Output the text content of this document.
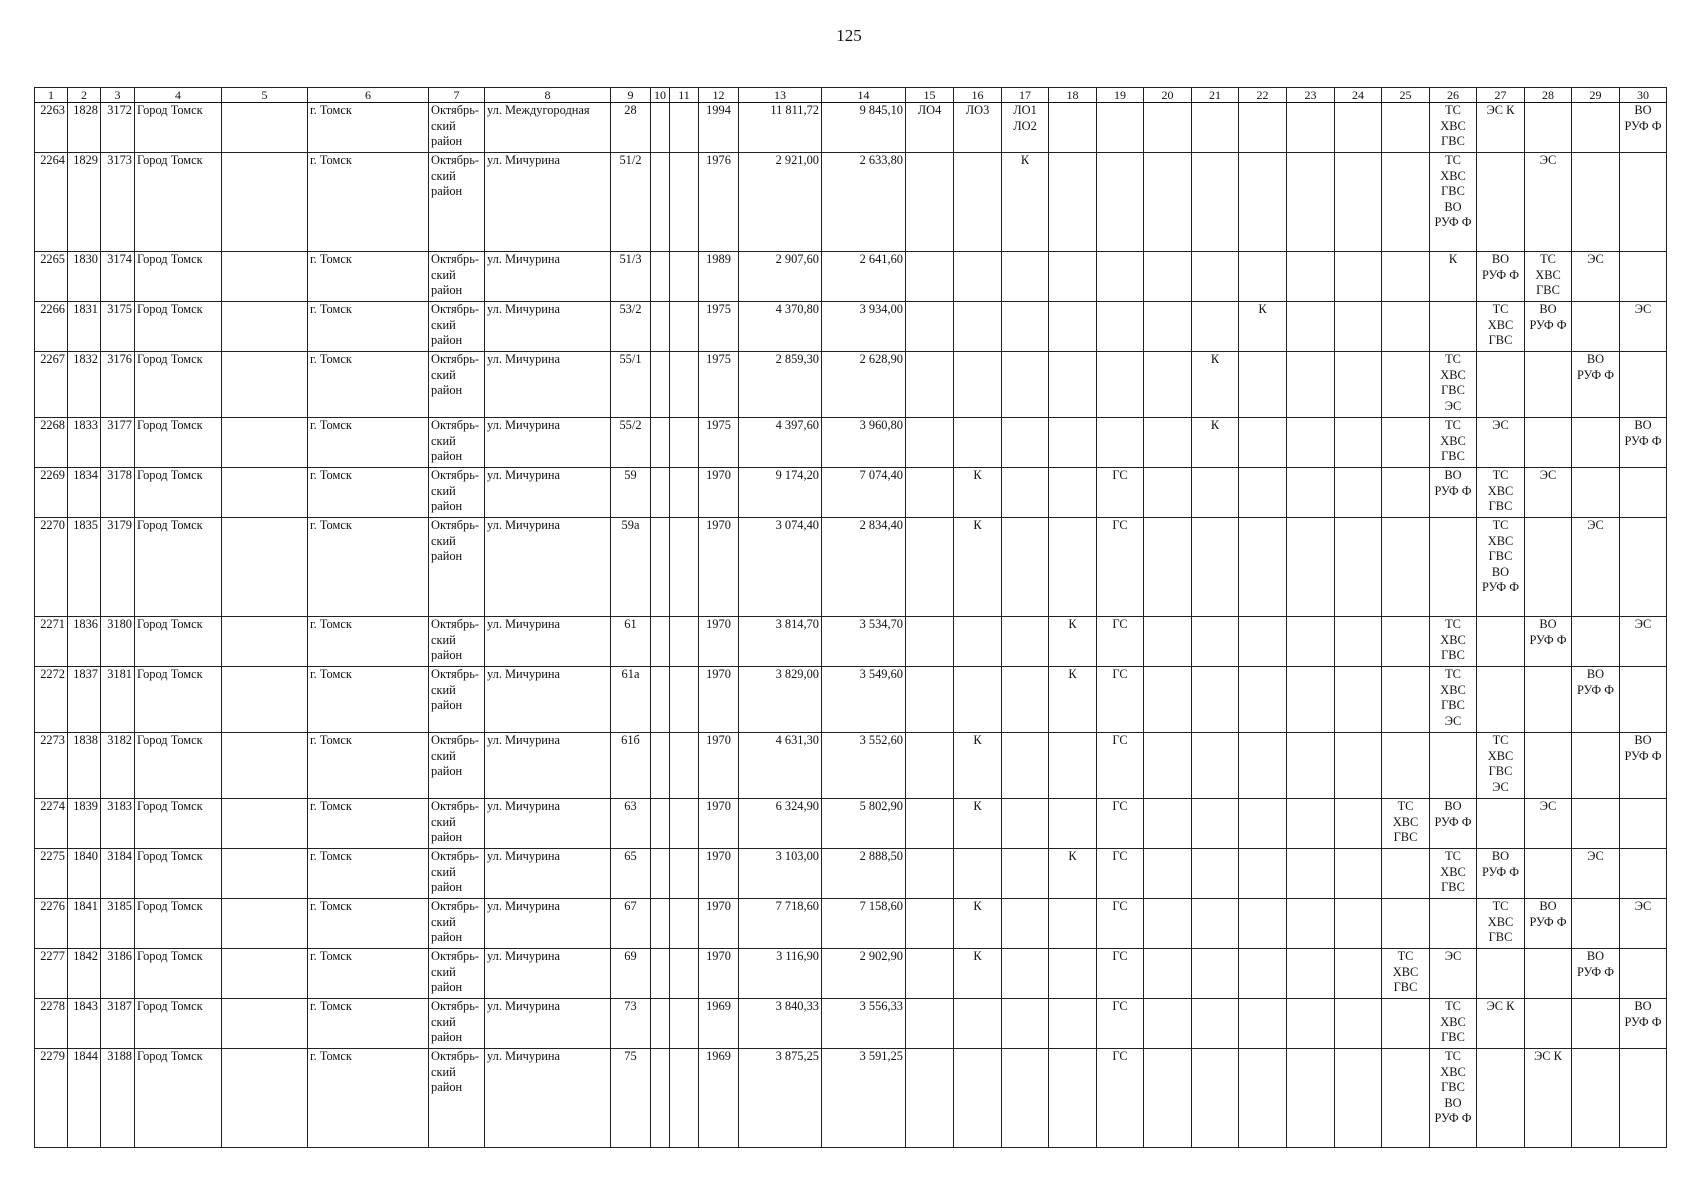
125
1	2	3	4	5	6	7	8	9	10	11	12	13	14	15	16	17	18	19	20	21	22	23	24	25	26	27	28	29	30
2263	1828	3172	Город Томск		г. Томск	Октябрь-
ский
район	ул. Междугородная	28			1994	11 811,72	9 845,10	ЛО4	ЛО3	ЛО1
ЛО2									ТС
ХВС
ГВС	ЭС К			ВО
РУФ Ф
2264	1829	3173	Город Томск		г. Томск	Октябрь-
ский
район	ул. Мичурина	51/2			1976	2 921,00	2 633,80			К									ТС
ХВС
ГВС
ВО
РУФ Ф		ЭС		
2265	1830	3174	Город Томск		г. Томск	Октябрь-
ский
район	ул. Мичурина	51/3			1989	2 907,60	2 641,60												К	ВО
РУФ Ф	ТС
ХВС
ГВС	ЭС	
2266	1831	3175	Город Томск		г. Томск	Октябрь-
ский
район	ул. Мичурина	53/2			1975	4 370,80	3 934,00								К					ТС
ХВС
ГВС	ВО
РУФ Ф		ЭС
2267	1832	3176	Город Томск		г. Томск	Октябрь-
ский
район	ул. Мичурина	55/1			1975	2 859,30	2 628,90							К					ТС
ХВС
ГВС
ЭС			ВО
РУФ Ф	
2268	1833	3177	Город Томск		г. Томск	Октябрь-
ский
район	ул. Мичурина	55/2			1975	4 397,60	3 960,80							К					ТС
ХВС
ГВС	ЭС			ВО
РУФ Ф
2269	1834	3178	Город Томск		г. Томск	Октябрь-
ский
район	ул. Мичурина	59			1970	9 174,20	7 074,40		К			ГС							ВО
РУФ Ф	ТС
ХВС
ГВС	ЭС		
2270	1835	3179	Город Томск		г. Томск	Октябрь-
ский
район	ул. Мичурина	59а			1970	3 074,40	2 834,40		К			ГС								ТС
ХВС
ГВС
ВО
РУФ Ф		ЭС	
2271	1836	3180	Город Томск		г. Томск	Октябрь-
ский
район	ул. Мичурина	61			1970	3 814,70	3 534,70				К	ГС							ТС
ХВС
ГВС		ВО
РУФ Ф		ЭС
2272	1837	3181	Город Томск		г. Томск	Октябрь-
ский
район	ул. Мичурина	61а			1970	3 829,00	3 549,60				К	ГС							ТС
ХВС
ГВС
ЭС			ВО
РУФ Ф	
2273	1838	3182	Город Томск		г. Томск	Октябрь-
ский
район	ул. Мичурина	61б			1970	4 631,30	3 552,60		К			ГС								ТС
ХВС
ГВС
ЭС			ВО
РУФ Ф
2274	1839	3183	Город Томск		г. Томск	Октябрь-
ский
район	ул. Мичурина	63			1970	6 324,90	5 802,90		К			ГС						ТС
ХВС
ГВС	ВО
РУФ Ф		ЭС		
2275	1840	3184	Город Томск		г. Томск	Октябрь-
ский
район	ул. Мичурина	65			1970	3 103,00	2 888,50				К	ГС							ТС
ХВС
ГВС	ВО
РУФ Ф		ЭС	
2276	1841	3185	Город Томск		г. Томск	Октябрь-
ский
район	ул. Мичурина	67			1970	7 718,60	7 158,60		К			ГС								ТС
ХВС
ГВС	ВО
РУФ Ф		ЭС
2277	1842	3186	Город Томск		г. Томск	Октябрь-
ский
район	ул. Мичурина	69			1970	3 116,90	2 902,90		К			ГС						ТС
ХВС
ГВС	ЭС			ВО
РУФ Ф	
2278	1843	3187	Город Томск		г. Томск	Октябрь-
ский
район	ул. Мичурина	73			1969	3 840,33	3 556,33					ГС							ТС
ХВС
ГВС	ЭС К			ВО
РУФ Ф
2279	1844	3188	Город Томск		г. Томск	Октябрь-
ский
район	ул. Мичурина	75			1969	3 875,25	3 591,25					ГС							ТС
ХВС
ГВС
ВО
РУФ Ф		ЭС К		
